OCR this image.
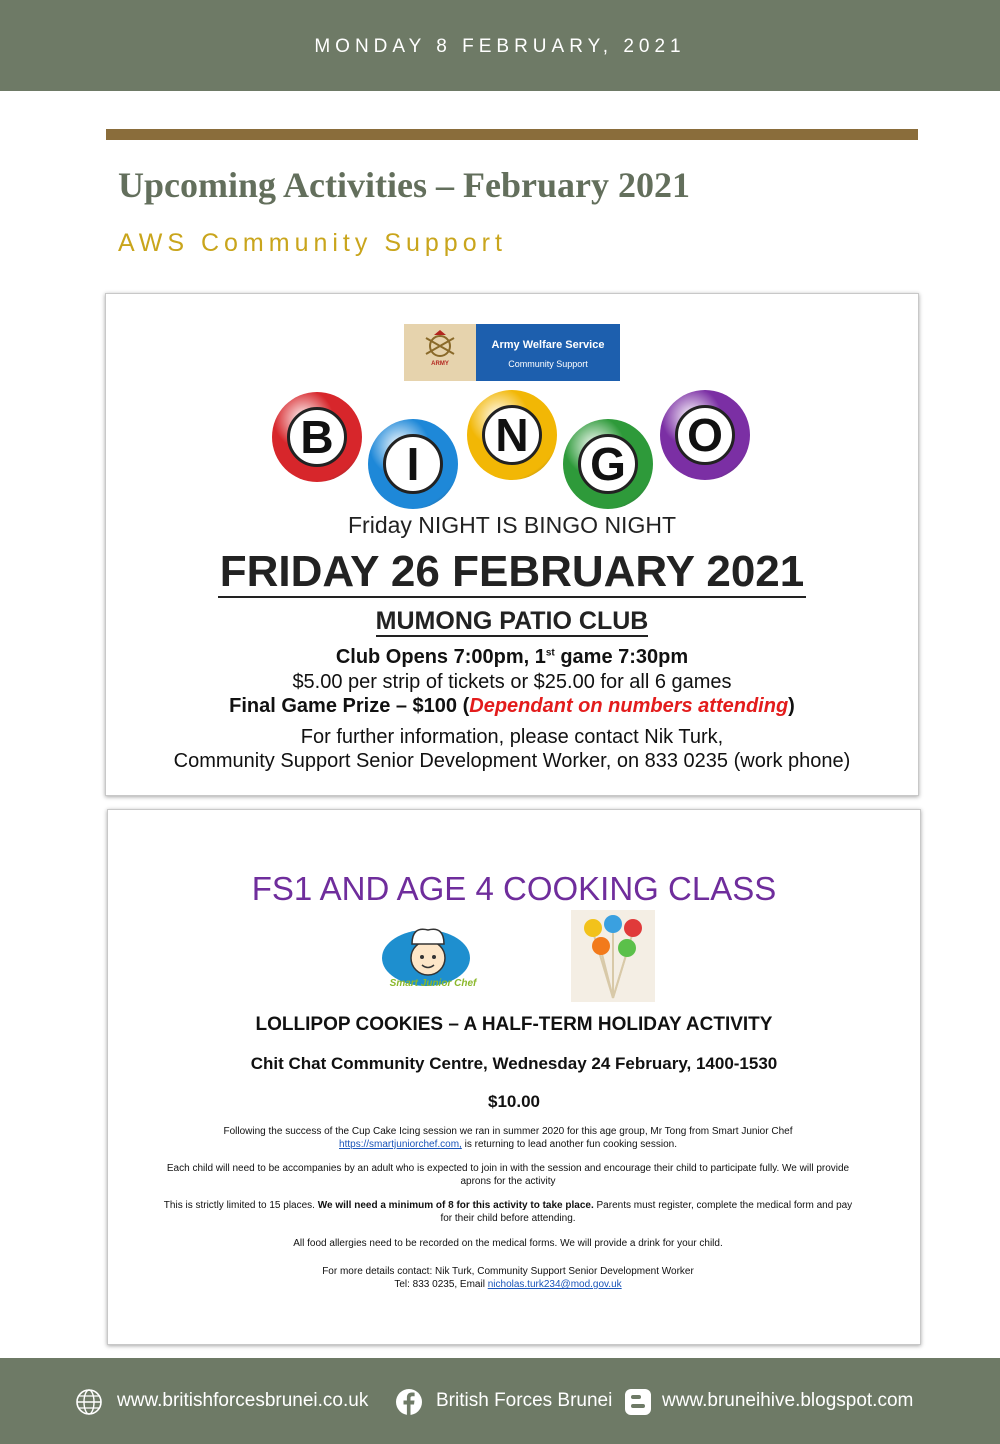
MONDAY 8 FEBRUARY, 2021
Upcoming Activities – February 2021
AWS Community Support
ARMY
Army Welfare Service
Community Support
B
I
N
G
O
Friday NIGHT IS BINGO NIGHT
FRIDAY 26 FEBRUARY 2021
MUMONG PATIO CLUB
Club Opens 7:00pm, 1st game 7:30pm
$5.00 per strip of tickets or $25.00 for all 6 games
Final Game Prize – $100 (Dependant on numbers attending)
For further information, please contact Nik Turk,
Community Support Senior Development Worker, on 833 0235 (work phone)
FS1 AND AGE 4 COOKING CLASS
Smart Junior Chef
LOLLIPOP COOKIES – A HALF-TERM HOLIDAY ACTIVITY
Chit Chat Community Centre, Wednesday 24 February, 1400-1530
$10.00
Following the success of the Cup Cake Icing session we ran in summer 2020 for this age group, Mr Tong from Smart Junior Chef
https://smartjuniorchef.com, is returning to lead another fun cooking session.
Each child will need to be accompanies by an adult who is expected to join in with the session and encourage their child to participate fully. We will provide aprons for the activity
This is strictly limited to 15 places. We will need a minimum of 8 for this activity to take place. Parents must register, complete the medical form and pay for their child before attending.
All food allergies need to be recorded on the medical forms. We will provide a drink for your child.
For more details contact: Nik Turk, Community Support Senior Development Worker
Tel: 833 0235, Email nicholas.turk234@mod.gov.uk
www.britishforcesbrunei.co.uk	British Forces Brunei	www.bruneihive.blogspot.com
